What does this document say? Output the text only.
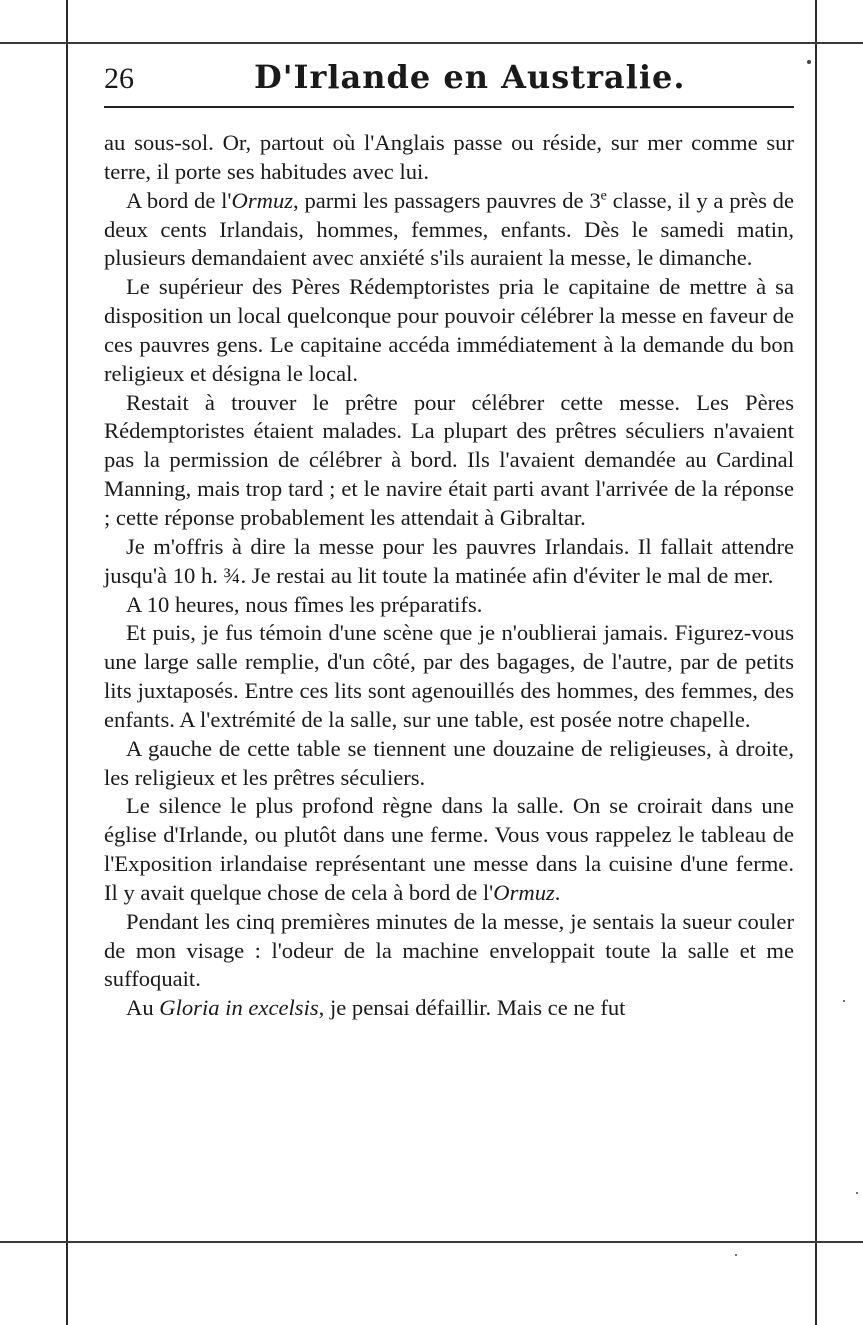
26	D'Irlande en Australie.

au sous-sol. Or, partout où l'Anglais passe ou réside, sur mer comme sur terre, il porte ses habitudes avec lui.

A bord de l'Ormuz, parmi les passagers pauvres de 3e classe, il y a près de deux cents Irlandais, hommes, femmes, enfants. Dès le samedi matin, plusieurs demandaient avec anxiété s'ils auraient la messe, le dimanche.

Le supérieur des Pères Rédemptoristes pria le capitaine de mettre à sa disposition un local quelconque pour pouvoir célébrer la messe en faveur de ces pauvres gens. Le capitaine accéda immédiatement à la demande du bon religieux et désigna le local.

Restait à trouver le prêtre pour célébrer cette messe. Les Pères Rédemptoristes étaient malades. La plupart des prêtres séculiers n'avaient pas la permission de célébrer à bord. Ils l'avaient demandée au Cardinal Manning, mais trop tard ; et le navire était parti avant l'arrivée de la réponse ; cette réponse probablement les attendait à Gibraltar.

Je m'offris à dire la messe pour les pauvres Irlandais. Il fallait attendre jusqu'à 10 h. ¾. Je restai au lit toute la matinée afin d'éviter le mal de mer.

A 10 heures, nous fîmes les préparatifs.

Et puis, je fus témoin d'une scène que je n'oublierai jamais. Figurez-vous une large salle remplie, d'un côté, par des bagages, de l'autre, par de petits lits juxtaposés. Entre ces lits sont agenouillés des hommes, des femmes, des enfants. A l'extrémité de la salle, sur une table, est posée notre chapelle.

A gauche de cette table se tiennent une douzaine de religieuses, à droite, les religieux et les prêtres séculiers.

Le silence le plus profond règne dans la salle. On se croirait dans une église d'Irlande, ou plutôt dans une ferme. Vous vous rappelez le tableau de l'Exposition irlandaise représentant une messe dans la cuisine d'une ferme. Il y avait quelque chose de cela à bord de l'Ormuz.

Pendant les cinq premières minutes de la messe, je sentais la sueur couler de mon visage : l'odeur de la machine enveloppait toute la salle et me suffoquait.

Au Gloria in excelsis, je pensai défaillir. Mais ce ne fut
